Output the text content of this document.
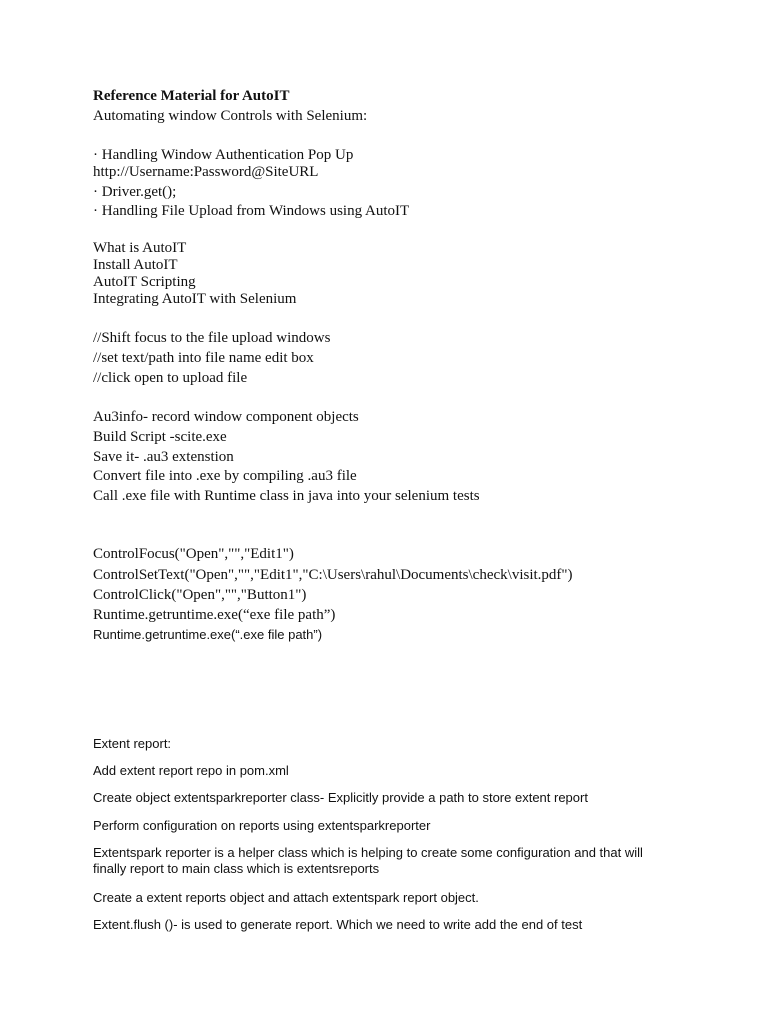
Reference Material for AutoIT
Automating window Controls with Selenium:
· Handling Window Authentication Pop Up
http://Username:Password@SiteURL
· Driver.get();
· Handling File Upload from Windows using AutoIT
What is AutoIT
Install AutoIT
AutoIT Scripting
Integrating AutoIT with Selenium
//Shift focus to the file upload windows
//set text/path into file name edit box
//click open to upload file
Au3info- record window component objects
Build Script -scite.exe
Save it- .au3 extenstion
Convert file into .exe by compiling .au3 file
Call .exe file with Runtime class in java into your selenium tests
ControlFocus("Open","","Edit1")
ControlSetText("Open","","Edit1","C:\Users\rahul\Documents\check\visit.pdf")
ControlClick("Open","","Button1")
Runtime.getruntime.exe(“exe file path”)
Runtime.getruntime.exe(“.exe file path”)
Extent report:
Add extent report repo in pom.xml
Create object extentsparkreporter class- Explicitly provide a path to store extent report
Perform configuration on reports using extentsparkreporter
Extentspark reporter is a helper class which is helping to create some configuration and that will finally report to main class which is extentsreports
Create a extent reports object and attach extentspark report object.
Extent.flush ()- is used to generate report. Which we need to write add the end of test
